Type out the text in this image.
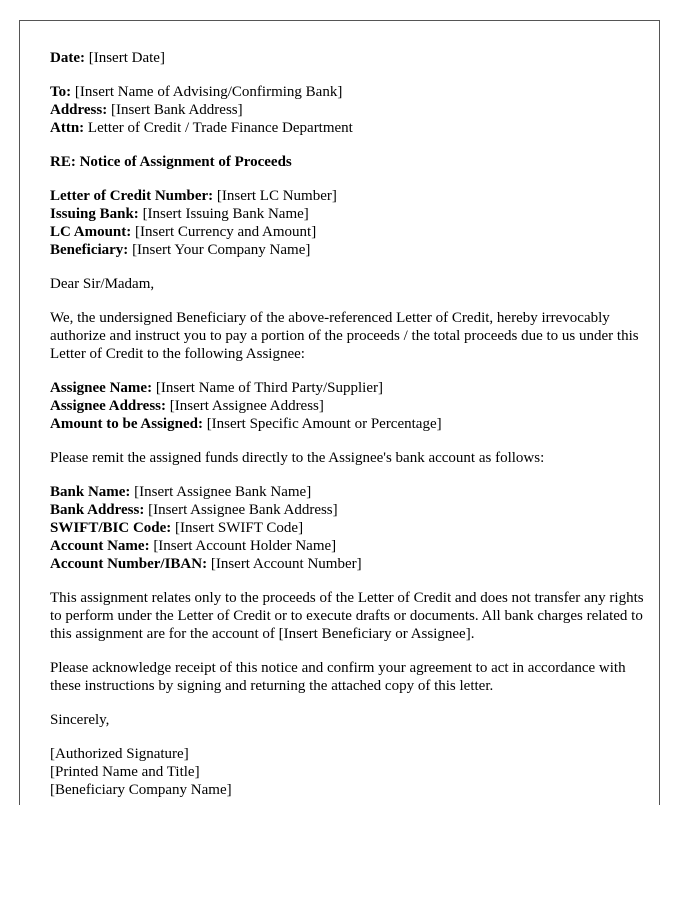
Date: [Insert Date]
To: [Insert Name of Advising/Confirming Bank]
Address: [Insert Bank Address]
Attn: Letter of Credit / Trade Finance Department
RE: Notice of Assignment of Proceeds
Letter of Credit Number: [Insert LC Number]
Issuing Bank: [Insert Issuing Bank Name]
LC Amount: [Insert Currency and Amount]
Beneficiary: [Insert Your Company Name]
Dear Sir/Madam,
We, the undersigned Beneficiary of the above-referenced Letter of Credit, hereby irrevocably authorize and instruct you to pay a portion of the proceeds / the total proceeds due to us under this Letter of Credit to the following Assignee:
Assignee Name: [Insert Name of Third Party/Supplier]
Assignee Address: [Insert Assignee Address]
Amount to be Assigned: [Insert Specific Amount or Percentage]
Please remit the assigned funds directly to the Assignee's bank account as follows:
Bank Name: [Insert Assignee Bank Name]
Bank Address: [Insert Assignee Bank Address]
SWIFT/BIC Code: [Insert SWIFT Code]
Account Name: [Insert Account Holder Name]
Account Number/IBAN: [Insert Account Number]
This assignment relates only to the proceeds of the Letter of Credit and does not transfer any rights to perform under the Letter of Credit or to execute drafts or documents. All bank charges related to this assignment are for the account of [Insert Beneficiary or Assignee].
Please acknowledge receipt of this notice and confirm your agreement to act in accordance with these instructions by signing and returning the attached copy of this letter.
Sincerely,
[Authorized Signature]
[Printed Name and Title]
[Beneficiary Company Name]
